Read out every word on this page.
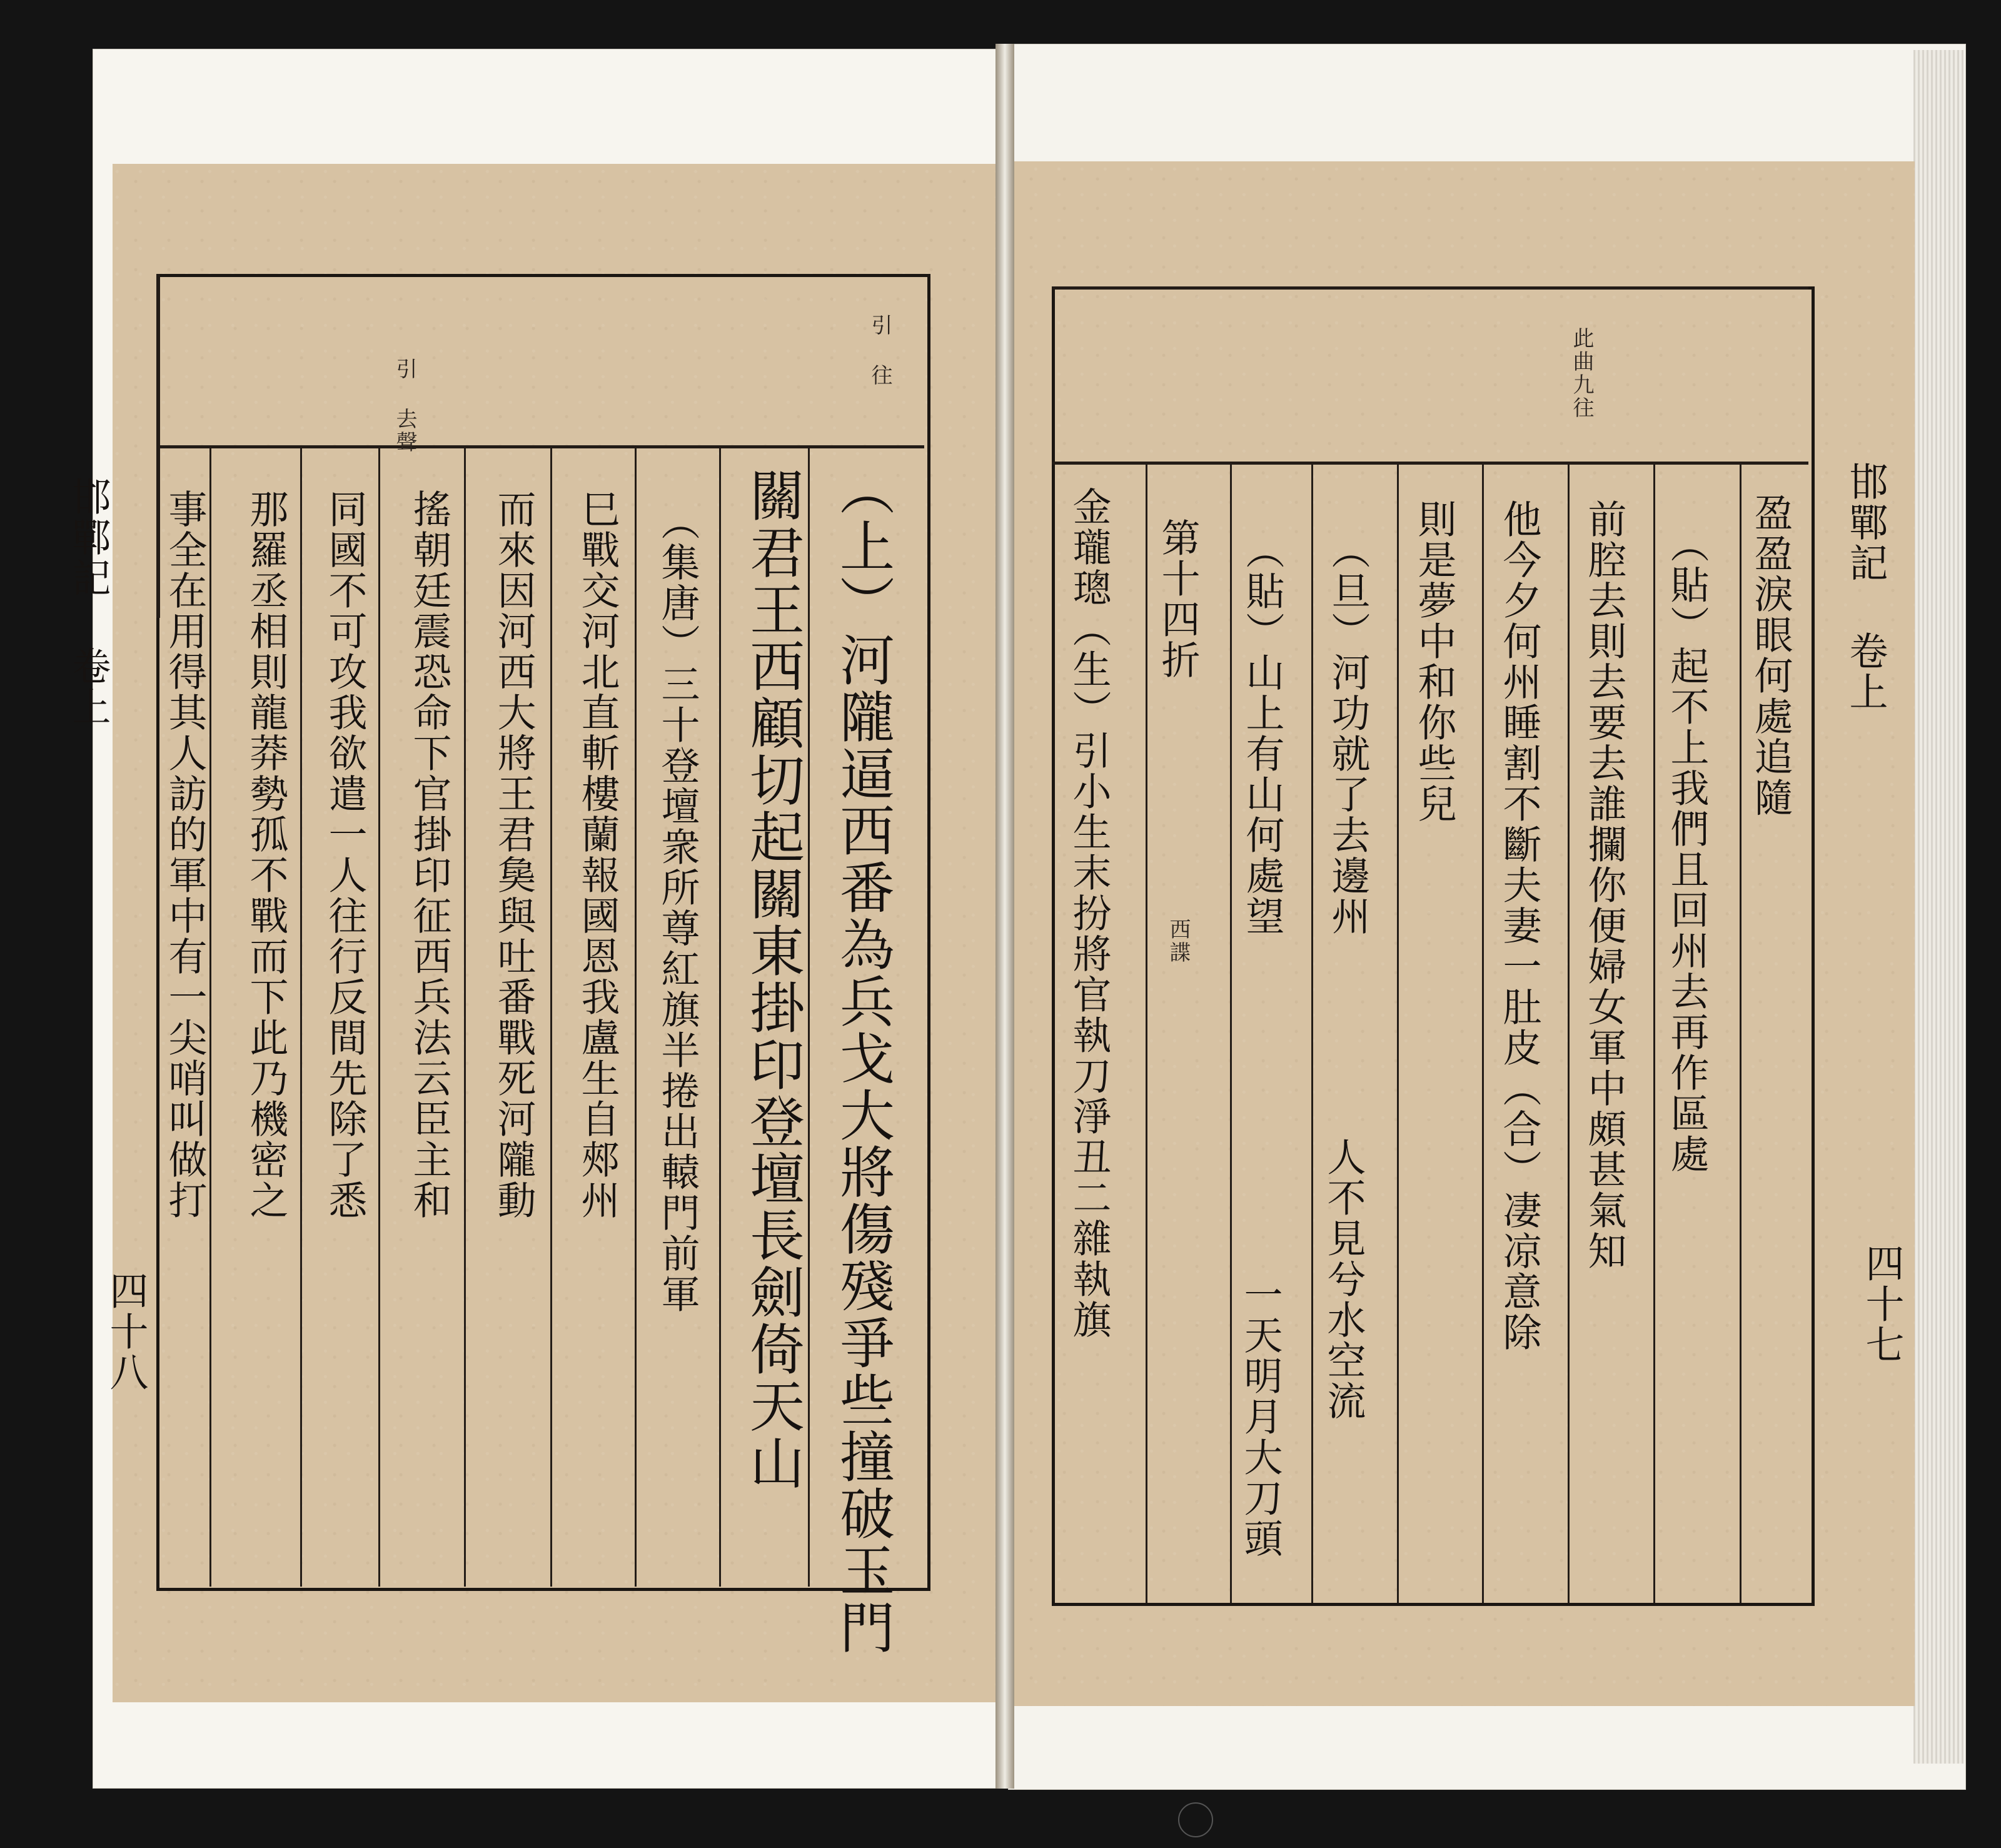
引 去聲
引 往
邯鄲記 卷上
四十八
事全在用得其人訪的軍中有一尖哨叫做打 那羅丞相則龍莽勢孤不戰而下此乃機密之 同國不可攻我欲遣一人往行反間先除了悉 搖朝廷震恐命下官掛印征西兵法云臣主和 而來因河西大將王君㚟與吐番戰死河隴動 巳戰交河北直斬樓蘭報國恩我盧生自郟州 （集唐）三十登壇衆所尊紅旗半捲出轅門前軍 關君王西顧切起關東掛印登壇長劍倚天山 （上）河隴逼西番為兵戈大將傷殘爭些撞破玉門
此曲九往
邯鄲記 卷上
四十七
盈盈淚眼何處追隨
（貼）起不上我們且回州去再作區處
前腔去則去要去誰攔你便婦女軍中頗甚氣知
他今夕何州睡割不斷夫妻一肚皮（合）凄凉意除
則是夢中和你些兒
（旦）河功就了去邊州
人不見兮水空流
（貼）山上有山何處望
一天明月大刀頭
第十四折
西諜
金瓏璁（生）引小生末扮將官執刀淨丑二雜執旗
